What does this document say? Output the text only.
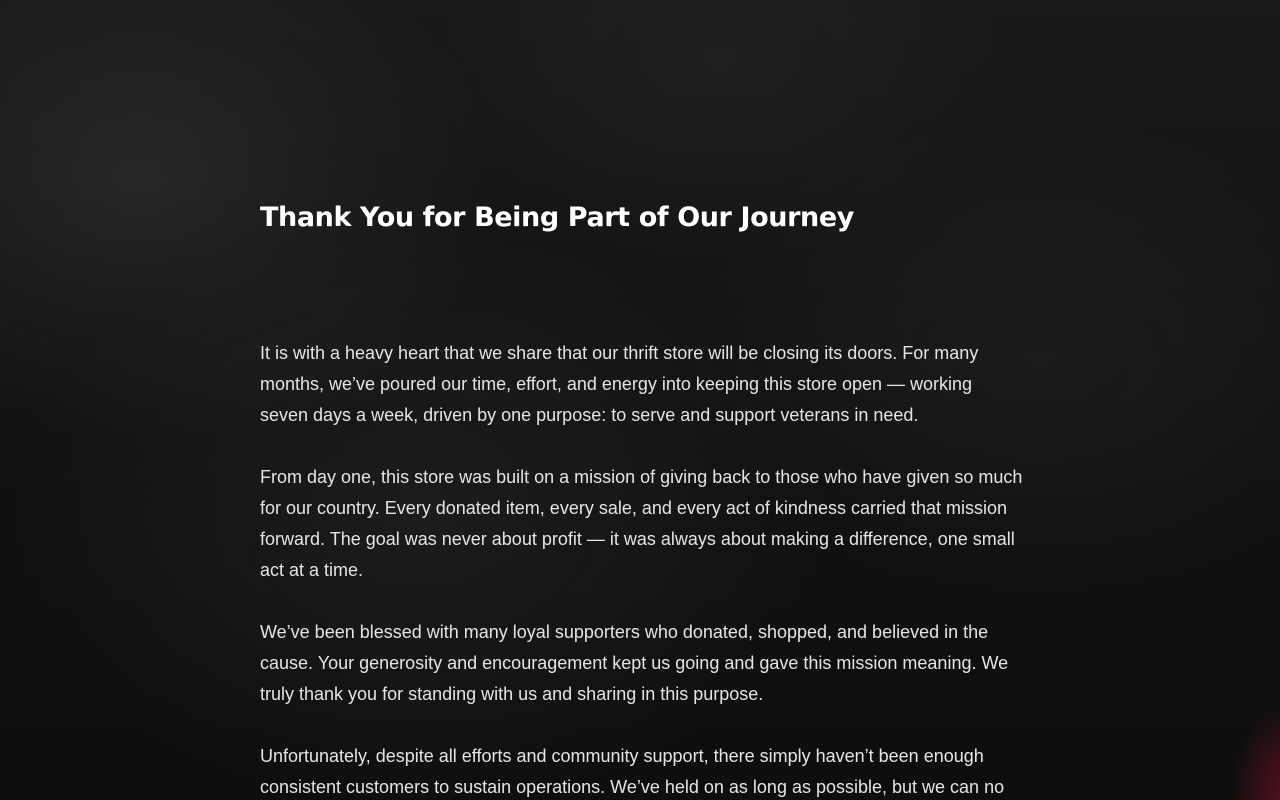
Thank You for Being Part of Our Journey

It is with a heavy heart that we share that our thrift store will be closing its doors. For many months, we’ve poured our time, effort, and energy into keeping this store open — working seven days a week, driven by one purpose: to serve and support veterans in need.

From day one, this store was built on a mission of giving back to those who have given so much for our country. Every donated item, every sale, and every act of kindness carried that mission forward. The goal was never about profit — it was always about making a difference, one small act at a time.

We’ve been blessed with many loyal supporters who donated, shopped, and believed in the cause. Your generosity and encouragement kept us going and gave this mission meaning. We truly thank you for standing with us and sharing in this purpose.

Unfortunately, despite all efforts and community support, there simply haven’t been enough consistent customers to sustain operations. We’ve held on as long as possible, but we can no
